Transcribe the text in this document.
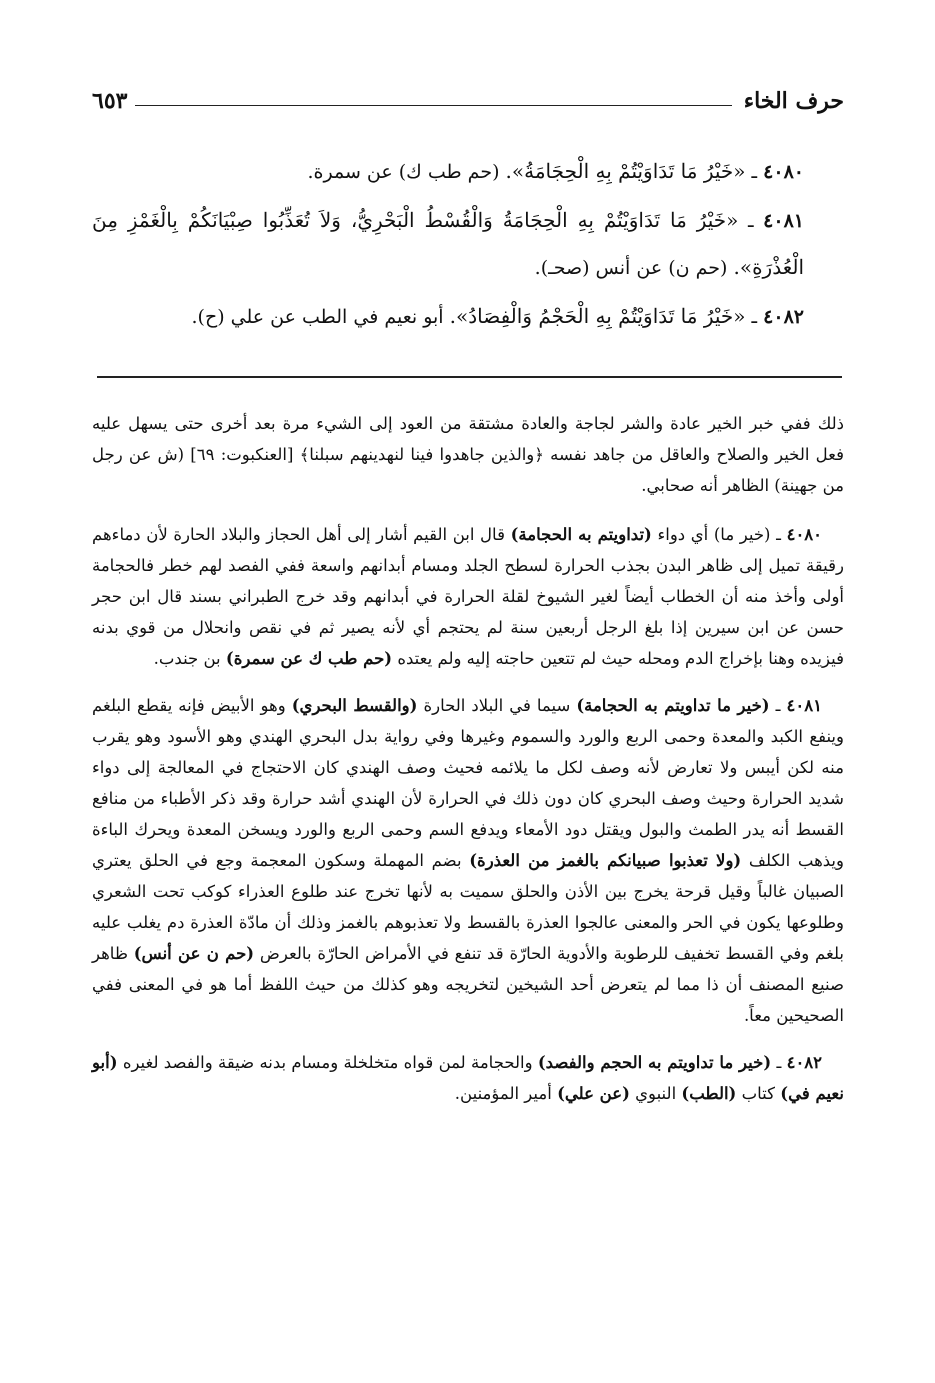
حرف الخاء
٦٥٣

٤٠٨٠ ـ «خَيْرُ مَا تَدَاوَيْتُمْ بِهِ الْحِجَامَةُ». (حم طب ك) عن سمرة.

٤٠٨١ ـ «خَيْرُ مَا تَدَاوَيْتُمْ بِهِ الْحِجَامَةُ وَالْقُسْطُ الْبَحْرِيُّ، وَلاَ تُعَذِّبُوا صِبْيَانَكُمْ بِالْغَمْزِ مِنَ الْعُذْرَةِ». (حم ن) عن أنس (صحـ).

٤٠٨٢ ـ «خَيْرُ مَا تَدَاوَيْتُمْ بِهِ الْحَجْمُ وَالْفِصَادُ». أبو نعيم في الطب عن علي (ح).

ذلك ففي خبر الخير عادة والشر لجاجة والعادة مشتقة من العود إلى الشيء مرة بعد أخرى حتى يسهل عليه فعل الخير والصلاح والعاقل من جاهد نفسه ﴿والذين جاهدوا فينا لنهدينهم سبلنا﴾ [العنكبوت: ٦٩] (ش عن رجل من جهينة) الظاهر أنه صحابي.

٤٠٨٠ ـ (خير ما) أي دواء (تداويتم به الحجامة) قال ابن القيم أشار إلى أهل الحجاز والبلاد الحارة لأن دماءهم رقيقة تميل إلى ظاهر البدن بجذب الحرارة لسطح الجلد ومسام أبدانهم واسعة ففي الفصد لهم خطر فالحجامة أولى وأخذ منه أن الخطاب أيضاً لغير الشيوخ لقلة الحرارة في أبدانهم وقد خرج الطبراني بسند قال ابن حجر حسن عن ابن سيرين إذا بلغ الرجل أربعين سنة لم يحتجم أي لأنه يصير ثم في نقص وانحلال من قوي بدنه فيزيده وهنا بإخراج الدم ومحله حيث لم تتعين حاجته إليه ولم يعتده (حم طب ك عن سمرة) بن جندب.

٤٠٨١ ـ (خير ما تداويتم به الحجامة) سيما في البلاد الحارة (والقسط البحري) وهو الأبيض فإنه يقطع البلغم وينفع الكبد والمعدة وحمى الربع والورد والسموم وغيرها وفي رواية بدل البحري الهندي وهو الأسود وهو يقرب منه لكن أيبس ولا تعارض لأنه وصف لكل ما يلائمه فحيث وصف الهندي كان الاحتجاج في المعالجة إلى دواء شديد الحرارة وحيث وصف البحري كان دون ذلك في الحرارة لأن الهندي أشد حرارة وقد ذكر الأطباء من منافع القسط أنه يدر الطمث والبول ويقتل دود الأمعاء ويدفع السم وحمى الربع والورد ويسخن المعدة ويحرك الباءة ويذهب الكلف (ولا تعذبوا صبيانكم بالغمز من العذرة) بضم المهملة وسكون المعجمة وجع في الحلق يعتري الصبيان غالباً وقيل قرحة يخرج بين الأذن والحلق سميت به لأنها تخرج عند طلوع العذراء كوكب تحت الشعري وطلوعها يكون في الحر والمعنى عالجوا العذرة بالقسط ولا تعذبوهم بالغمز وذلك أن مادّة العذرة دم يغلب عليه بلغم وفي القسط تخفيف للرطوبة والأدوية الحارّة قد تنفع في الأمراض الحارّة بالعرض (حم ن عن أنس) ظاهر صنيع المصنف أن ذا مما لم يتعرض أحد الشيخين لتخريجه وهو كذلك من حيث اللفظ أما هو في المعنى ففي الصحيحين معاً.

٤٠٨٢ ـ (خير ما تداويتم به الحجم والفصد) والحجامة لمن قواه متخلخلة ومسام بدنه ضيقة والفصد لغيره (أبو نعيم في) كتاب (الطب) النبوي (عن علي) أمير المؤمنين.
